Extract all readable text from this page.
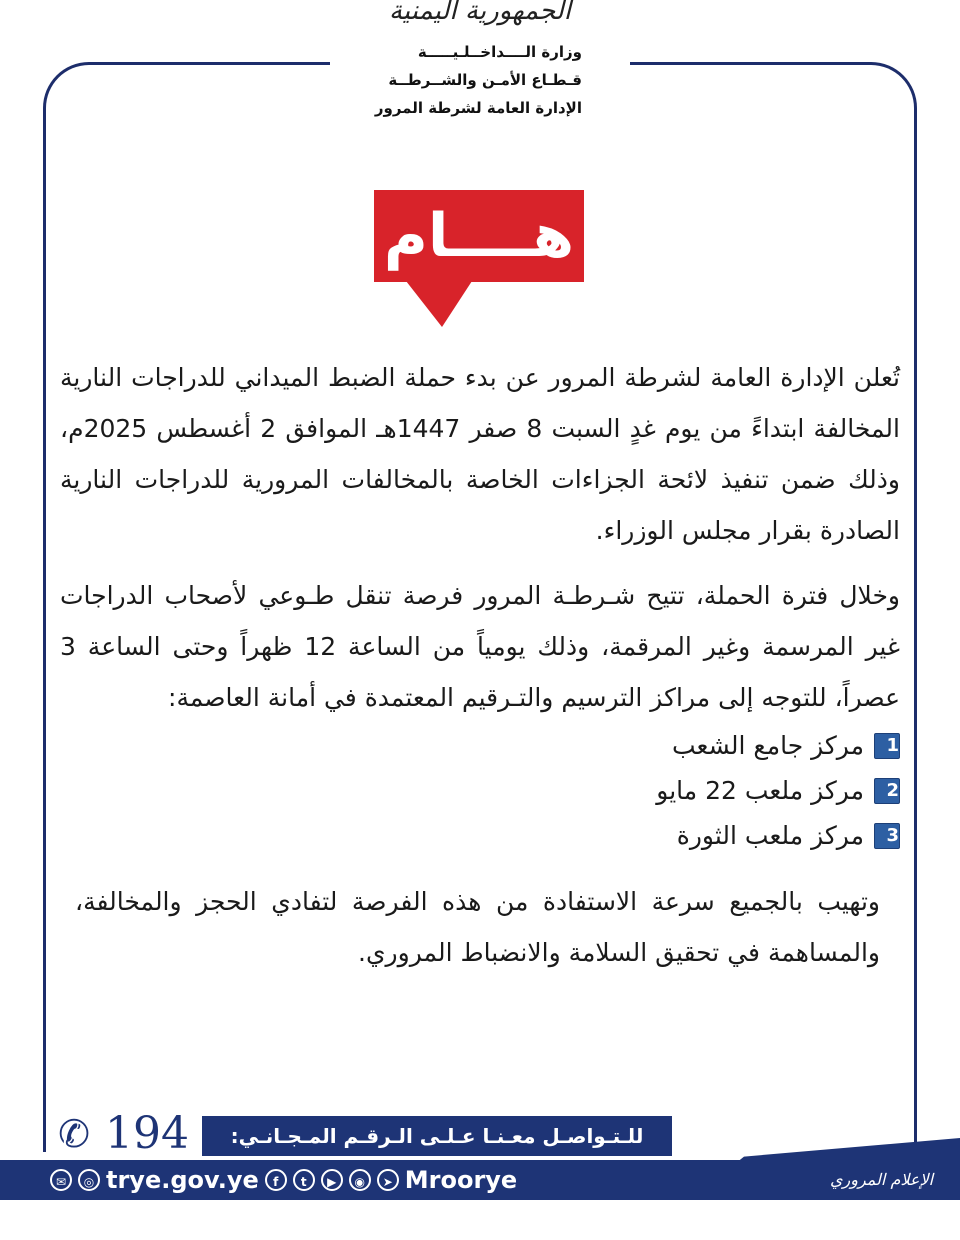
الجمهورية اليمنية
وزارة الــــداخــلـيـــــة
قـطـاع الأمـن والشــرطــة
الإدارة العامة لشرطة المرور
هــــام

تُعلن الإدارة العامة لشرطة المرور عن بدء حملة الضبط الميداني للدراجات النارية المخالفة ابتداءً من يوم غدٍ السبت 8 صفر 1447هـ الموافق 2 أغسطس 2025م، وذلك ضمن تنفيذ لائحة الجزاءات الخاصة بالمخالفات المرورية للدراجات النارية الصادرة بقرار مجلس الوزراء.

وخلال فترة الحملة، تتيح شـرطـة المرور فرصة تنقل طـوعي لأصحاب الدراجات غير المرسمة وغير المرقمة، وذلك يومياً من الساعة 12 ظهراً وحتى الساعة 3 عصراً، للتوجه إلى مراكز الترسيم والتـرقيم المعتمدة في أمانة العاصمة:

1
مركز جامع الشعب
2
مركز ملعب 22 مايو
3
مركز ملعب الثورة

وتهيب بالجميع سرعة الاستفادة من هذه الفرصة لتفادي الحجز والمخالفة، والمساهمة في تحقيق السلامة والانضباط المروري.

للـتـواصـل معـنـا عـلـى الـرقـم المـجـانـي:
194
✆
✉	◎ trye.gov.ye	f	t	▶	◉	➤ Mroorye	الإعلام المروري اليمني
